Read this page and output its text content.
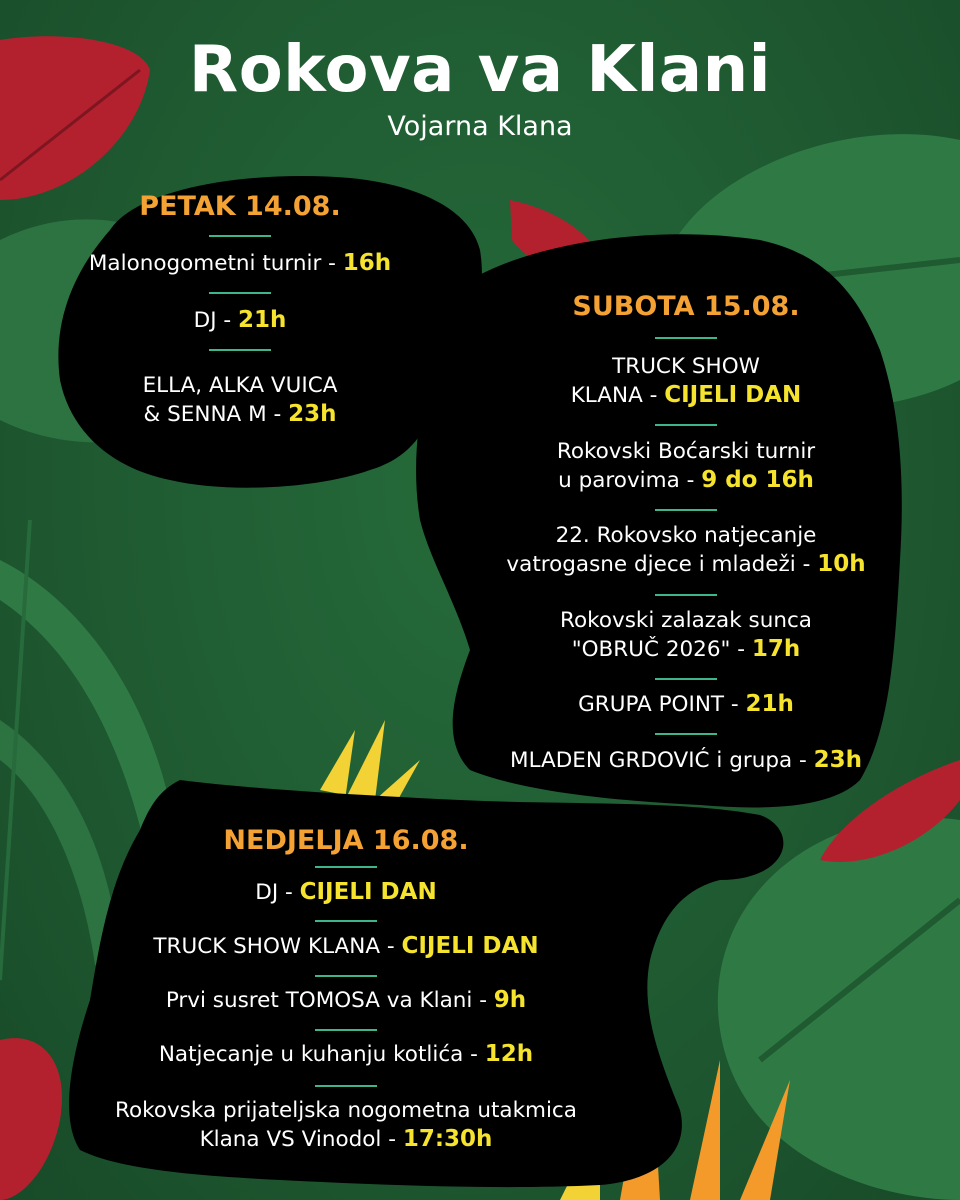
Rokova va Klani
Vojarna Klana
PETAK 14.08.
Malonogometni turnir - 16h
DJ - 21h
ELLA, ALKA VUICA
& SENNA M - 23h
SUBOTA 15.08.
TRUCK SHOW
KLANA - CIJELI DAN
Rokovski Boćarski turnir
u parovima - 9 do 16h
22. Rokovsko natjecanje
vatrogasne djece i mladeži - 10h
Rokovski zalazak sunca
"OBRUČ 2026" - 17h
GRUPA POINT - 21h
MLADEN GRDOVIĆ i grupa - 23h
NEDJELJA 16.08.
DJ - CIJELI DAN
TRUCK SHOW KLANA - CIJELI DAN
Prvi susret TOMOSA va Klani - 9h
Natjecanje u kuhanju kotlića - 12h
Rokovska prijateljska nogometna utakmica
Klana VS Vinodol - 17:30h
